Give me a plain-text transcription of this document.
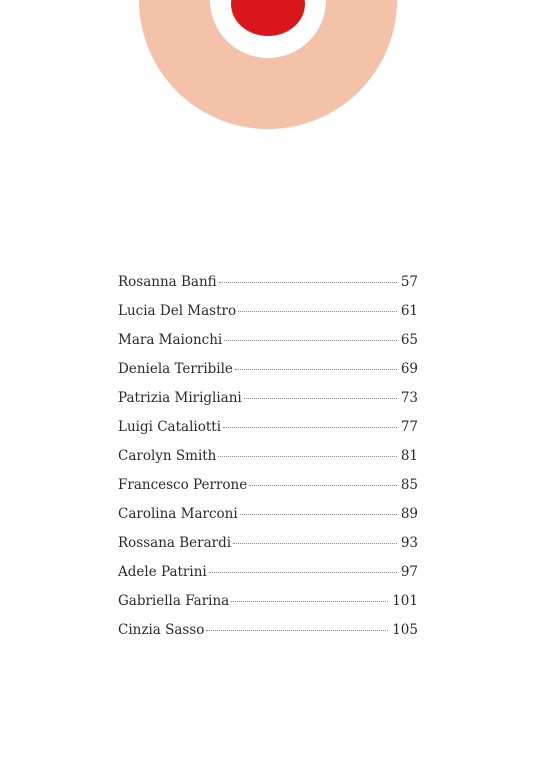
Rosanna Banfi	57
Lucia Del Mastro	61
Mara Maionchi	65
Deniela Terribile	69
Patrizia Mirigliani	73
Luigi Cataliotti	77
Carolyn Smith	81
Francesco Perrone	85
Carolina Marconi	89
Rossana Berardi	93
Adele Patrini	97
Gabriella Farina	101
Cinzia Sasso	105
